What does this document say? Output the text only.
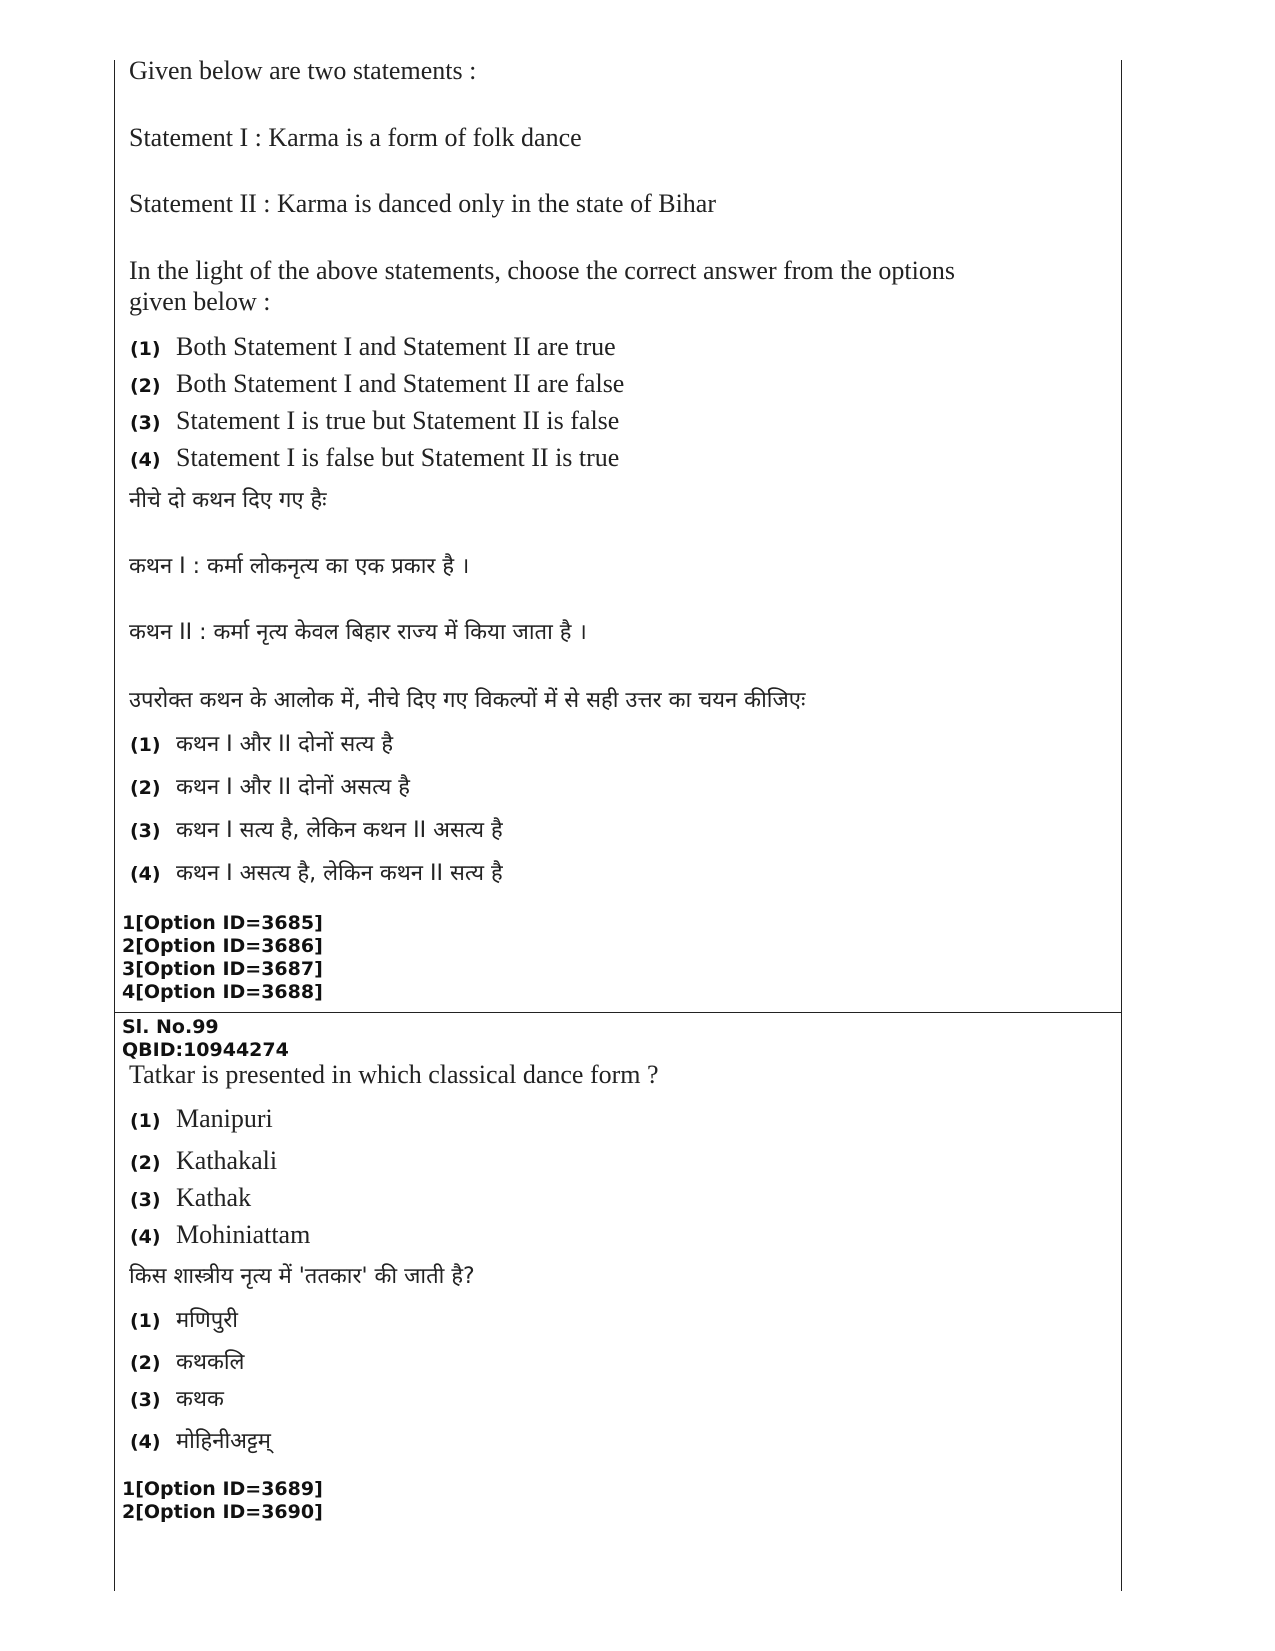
Given below are two statements :
Statement I : Karma is a form of folk dance
Statement II : Karma is danced only in the state of Bihar
In the light of the above statements, choose the correct answer from the options
given below :
(1) Both Statement I and Statement II are true
(2) Both Statement I and Statement II are false
(3) Statement I is true but Statement II is false
(4) Statement I is false but Statement II is true
नीचे दो कथन दिए गए हैः
कथन I : कर्मा लोकनृत्य का एक प्रकार है ।
कथन II : कर्मा नृत्य केवल बिहार राज्य में किया जाता है ।
उपरोक्त कथन के आलोक में, नीचे दिए गए विकल्पों में से सही उत्तर का चयन कीजिएः
(1) कथन I और II दोनों सत्य है
(2) कथन I और II दोनों असत्य है
(3) कथन I सत्य है, लेकिन कथन II असत्य है
(4) कथन I असत्य है, लेकिन कथन II सत्य है
1[Option ID=3685]
2[Option ID=3686]
3[Option ID=3687]
4[Option ID=3688]
Sl. No.99
QBID:10944274
Tatkar is presented in which classical dance form ?
(1) Manipuri
(2) Kathakali
(3) Kathak
(4) Mohiniattam
किस शास्त्रीय नृत्य में 'ततकार' की जाती है?
(1) मणिपुरी
(2) कथकलि
(3) कथक
(4) मोहिनीअट्टम्
1[Option ID=3689]
2[Option ID=3690]
